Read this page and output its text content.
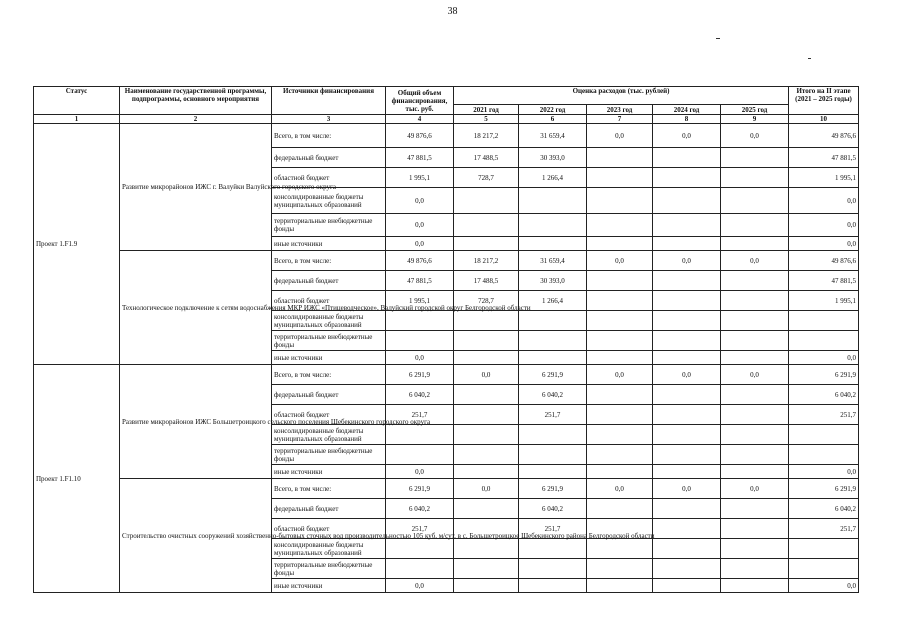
38
Статус	Наименование государственной программы, подпрограммы, основного мероприятия	Источники финансирования	Общий объем финансирования, тыс. руб.	Оценка расходов (тыс. рублей)					Итого на II этапе (2021 – 2025 годы)
				2021 год	2022 год	2023 год	2024 год	2025 год	
1	2	3	4	5	6	7	8	9	10
Проект 1.F1.9	Развитие микрорайонов ИЖС г. Валуйки Валуйского городского округа	Всего, в том числе:	49 876,6	18 217,2	31 659,4	0,0	0,0	0,0	49 876,6
		федеральный бюджет	47 881,5	17 488,5	30 393,0				47 881,5
		областной бюджет	1 995,1	728,7	1 266,4				1 995,1
		консолидированные бюджеты муниципальных образований	0,0						0,0
		территориальные внебюджетные фонды	0,0						0,0
		иные источники	0,0						0,0
	Технологическое подключение к сетям водоснабжения МКР ИЖС «Птицеводческое», Валуйский городской округ Белгородской области	Всего, в том числе:	49 876,6	18 217,2	31 659,4	0,0	0,0	0,0	49 876,6
		федеральный бюджет	47 881,5	17 488,5	30 393,0				47 881,5
		областной бюджет	1 995,1	728,7	1 266,4				1 995,1
		консолидированные бюджеты муниципальных образований							
		территориальные внебюджетные фонды							
		иные источники	0,0						0,0
Проект 1.F1.10	Развитие микрорайонов ИЖС Большетроицкого сельского поселения Шебекинского городского округа	Всего, в том числе:	6 291,9	0,0	6 291,9	0,0	0,0	0,0	6 291,9
		федеральный бюджет	6 040,2		6 040,2				6 040,2
		областной бюджет	251,7		251,7				251,7
		консолидированные бюджеты муниципальных образований							
		территориальные внебюджетные фонды							
		иные источники	0,0						0,0
	Строительство очистных сооружений хозяйственно-бытовых сточных вод производительностью 105 куб. м/сут. в с. Большетроицкое Шебекинского района Белгородской области	Всего, в том числе:	6 291,9	0,0	6 291,9	0,0	0,0	0,0	6 291,9
		федеральный бюджет	6 040,2		6 040,2				6 040,2
		областной бюджет	251,7		251,7				251,7
		консолидированные бюджеты муниципальных образований							
		территориальные внебюджетные фонды							
		иные источники	0,0						0,0
